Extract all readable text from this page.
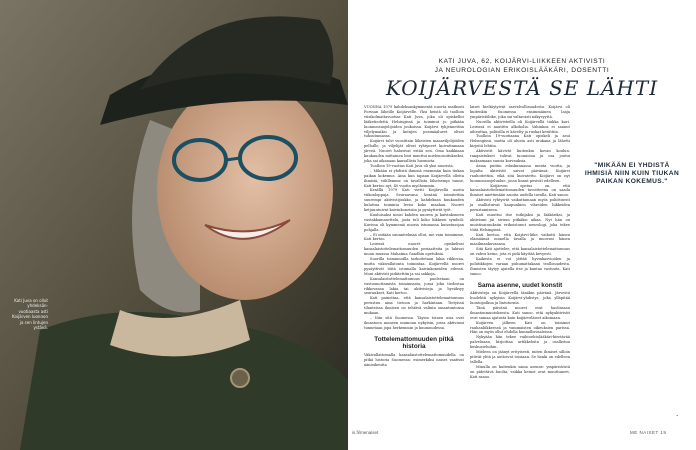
Kati Juva on ollut yhdeksän-vuotiaasta asti Koijärven luonnon ja sen lintujen ystävä.
KATI JUVA, 62, KOIJÄRVI-LIIKKEEN AKTIVISTI
JA NEUROLOGIAN ERIKOISLÄÄKÄRI, DOSENTTI
KOIJÄRVESTÄ SE LÄHTI

VUONNA 1979 kahdeksankymmentä nuorta matkusti Forssan läheille Koijärvelle. Yksi heistä oli tuolloin viisikolmattavuotias Kati Juva, joka oli opiskellut lääketiedettä Helsingissä ja toiminut jo pitkään luonnonsuojelijoiden joukoissa. Koijärvi tyhjennettiin viljelymaiksi ja lintujen pesimäalueet olivat tuhoutumassa.

Koijärvi tulvi vuosittain läheisten maanviljelijöiden pelloille, ja viljelijät olivat ryhtyneet kuivattamaan järveä. Nuoret halusivat estää sen. Oma kaikkiaan kuukauden mittainen leiri muuttui mielenosoitukseksi, joka sai aikanaan kansallista huomiota.

Tuolloin 19-vuotias Kati Juva oli yksi nuorista.

– Mikään ei yhdistä ihmisiä enemmän kuin tiukan paikan kokemus. Aina kun tapaan Koijärvellä olleita ihmisiä, välillemme on tavallista läheisempi tunne, Kati kertoo nyt, 40 vuotta myöhemmin.

Kesällä 1979 Kati vietti Koijärvellä useita viikonloppuja. Seuraavana kesänä toimitettiin suurempi aktivistijoukko, ja kahdeksan kuukauden kuluttua toiminta levisi koko maahan. Nuoret ketjuuntuivat kaivinkoneisiin ja pysäyttivät työt.

Kuuluisaksi nousi kahden nuoren ja kaivinkoneen vastakkainasettelu, josta tuli koko liikkeen symboli. Kuvissa oli kymmeniä nuoria istumassa kuivatusojan pohjalla.

– Ei mitään suunnitelmaa ollut, me vain toimimme, Kati kertoo.

Leirissä nuoret opiskelivat kansalaistottelemattomuuden periaatteita ja lukivat muun muassa Mahatma Gandhin opetuksia.

Suorilla toiminnoilla tarkoitetaan lakia rikkovaa, mutta väkivallatonta toimintaa. Koijärvellä nuoret pysäyttivät töitä istumalla kaivinkoneiden edessä. Moni aktivisti pidätettiin ja sai sakkoja.

Kansalaistottelemattomuus puolestaan on vastuunottamista toiminnasta, jossa joku tiedostaa rikkovansa lakia tai aktivisteja ja hyväksyy seuraukset, Kati kertoo.

Kati painottaa, että kansalaistottelemattomuus perustuu aina tietoon ja harkintaan. Tietyissä tilanteissa ihmisen on tehtävä valinta omantuntonsa mukaan.

– Niin sitä Suomessa. Täysin toinen asia ovat ilmastoon moneen mumuun nykyisin, jossa aktivismi tunnetaan jopa herkemmin ja kuumuudessa.

Tottelemattomuuden pitkä historia

Väkivallattomalla kansalaistottelemattomuudella on pitkä historia Suomessa: esimerkiksi naiset vaativat äänioikeutta

laiset kieltäytyivät asevelvollisuudesta. Koijärvi oli kuitenkin Suomessa ensimmäinen laaja ympäristöliike, joka sai valtavasti näkyvyyttä.

Nuorilla aktivisteilla oli Koijärvellä tiukka kuri. Leirissä ei nautittu alkoholia. Vahinkoa ei saanut aiheuttaa, poliisilla ei kävelty ja ruokat kerättiin.

Tuolloin 19-vuotiaana Kati opiskeli ja asui Helsingissä, mutta oli alusta asti mukana ja lähetti kirjeitä lehtiin.

Aktivistit kävivät kuitenkin kovan koulun: rangaistukset tulivat tuomioina ja osa joutui maksamaan suuria korvauksia.

Asiaa puitiin eduskunnassa monta vuotta, ja lopulta aktivistit saivat päivänsä: Koijärvi rauhoitettiin, eikä sitä kuivatettu. Koijärvi on nyt luonnonsuojelualue, jossa linnut pesivät edelleen.

– Koijärven opetus on, että kansalaistottelemattomuuden tavoitteena on saada ihmiset miettimään asioita uudella tavalla, Kati sanoo.

Aktivisti ryhtyivät vaikuttamaan myös poliittisesti ja osallistuivat kaupunkien vihreiden liikkeiden perustamiseen.

Kati muuttui itse tutkijaksi ja lääkäriksi, ja aktivismi jäi sivuun pitkäksi aikaa. Nyt hän on muistisairauksiin erikoistunut neurologi, joka tekee töitä Helsingissä.

Kati kertoo, että Koijärvi-liike vaikutti hänen elämäänsä monella tavalla ja muovasi hänen maailmankuvaansa.

Sitä Kati ajattelee, että kansalaistottelemattomuus on vahva keino, jota ei pidä käyttää kevyesti.

Kaikesta ei voi jättää hyvinkasvioiden ja poliitikkojen varaan puhumattakaan teollisuudesta. Ihmisten täytyy ajatella itse ja kantaa vastuuta, Kati sanoo.

Sama asenne, uudet konstit

Aktivisteja on Koijärvellä tänäkin päivänä. Järvestä huolehtii nykyisin Koijärvi-yhdistys, joka ylläpitää luontopolkua ja lintutornia.

Tänä päivänä nuoret ovat huolissaan ilmastonmuutoksesta. Kati sanoo, että nykyaktivistit ovat samaa ajatusta kuin koijärveläiset aikoinaan.

Koijärven jälkeen Kati on toiminut rauhanliikkeessä ja vammaisten oikeuksien parissa. Hän on myös ollut ehdolla kunnallisvaaleissa.

Nykyään hän tekee vaihtoehtolääkäri-kiertävää palveluaan, kirjoittaa artikkeleita ja osallistuu keskusteluihin.

Mieleen on jäänyt erityisesti, miten ihmiset silloin pitivät yhtä ja auttoivat toisiaan. Se henki on edelleen tallella.

Minulla on kuitenkin sama asenne: ympäristöstä on pidettävä huolta, vaikka keinot ovat muuttuneet, Kati sanoo.

"MIKÄÄN EI YHDISTÄ IHMISIÄ NIIN KUIN TIUKAN PAIKAN KOKEMUS."
•
is.fi/menaiset	ME NAISET 19
